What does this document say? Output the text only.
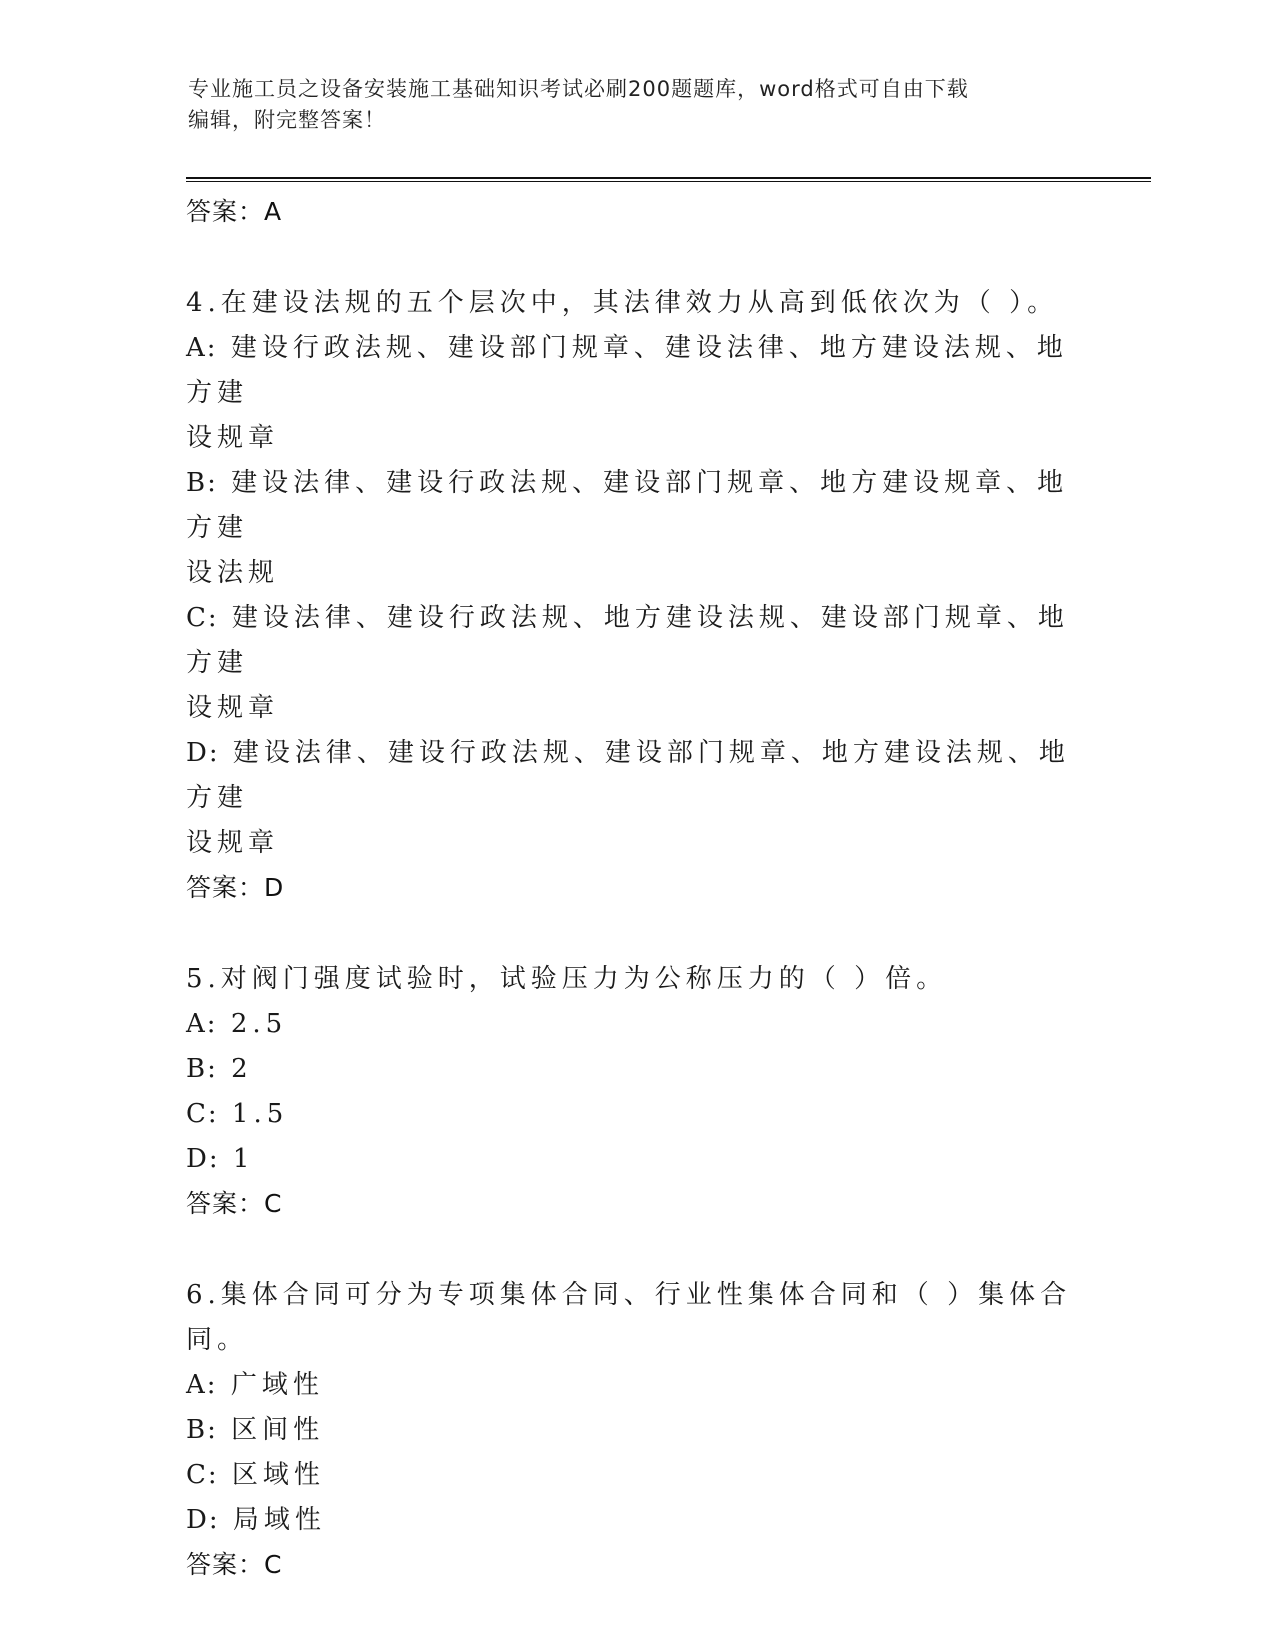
专业施工员之设备安装施工基础知识考试必刷200题题库，word格式可自由下载
编辑，附完整答案！
答案：A
4.在建设法规的五个层次中，其法律效力从高到低依次为（ ）。
A: 建设行政法规、建设部门规章、建设法律、地方建设法规、地方建
设规章
B: 建设法律、建设行政法规、建设部门规章、地方建设规章、地方建
设法规
C: 建设法律、建设行政法规、地方建设法规、建设部门规章、地方建
设规章
D: 建设法律、建设行政法规、建设部门规章、地方建设法规、地方建
设规章
答案：D
5.对阀门强度试验时，试验压力为公称压力的（ ）倍。
A: 2.5
B: 2
C: 1.5
D: 1
答案：C
6.集体合同可分为专项集体合同、行业性集体合同和（ ）集体合同。
A: 广域性
B: 区间性
C: 区域性
D: 局域性
答案：C
